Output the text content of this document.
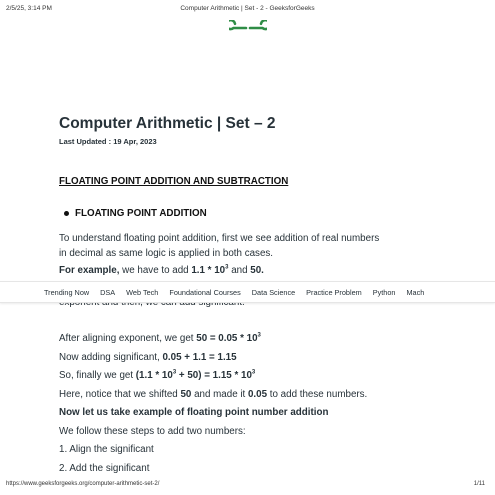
2/5/25, 3:14 PM	Computer Arithmetic | Set - 2 - GeeksforGeeks
Computer Arithmetic | Set – 2
Last Updated : 19 Apr, 2023
FLOATING POINT ADDITION AND SUBTRACTION
FLOATING POINT ADDITION
To understand floating point addition, first we see addition of real numbers
in decimal as same logic is applied in both cases.
For example, we have to add $1.1 * 10^3$ and 50.
Trending Now DSA Web Tech Foundational Courses Data Science Practice Problem Python Mach
After aligning exponent, we get $50 = 0.05 * 10^3$
Now adding significant, 0.05 + 1.1 = 1.15
So, finally we get $(1.1 * 10^3 + 50) = 1.15 * 10^3$
Here, notice that we shifted 50 and made it 0.05 to add these numbers.
Now let us take example of floating point number addition
We follow these steps to add two numbers:
1. Align the significant
2. Add the significant
https://www.geeksforgeeks.org/computer-arithmetic-set-2/	1/11
